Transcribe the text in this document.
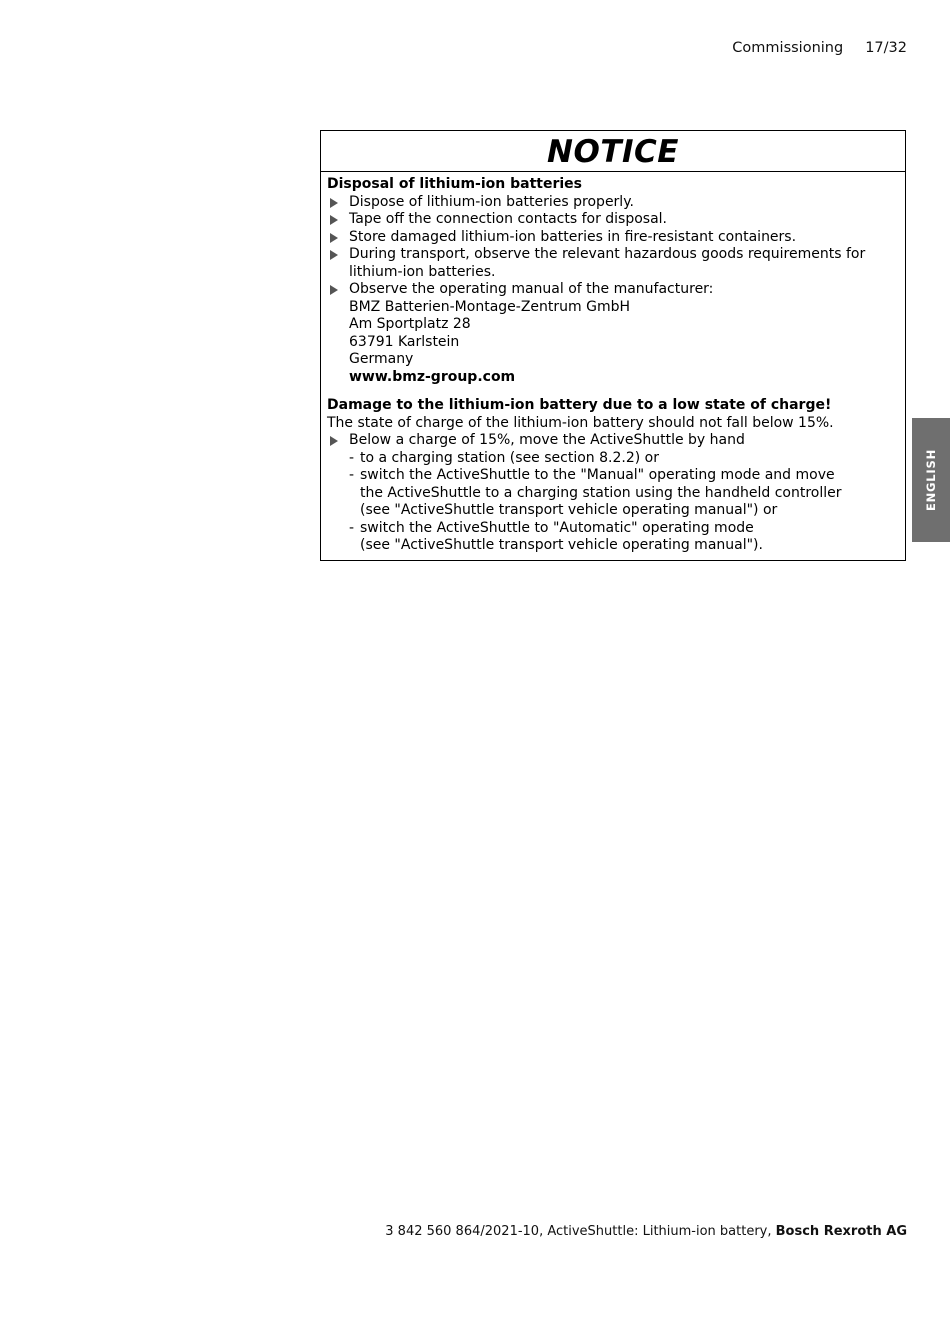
Commissioning 17/32
NOTICE
Disposal of lithium-ion batteries
Dispose of lithium-ion batteries properly.
Tape off the connection contacts for disposal.
Store damaged lithium-ion batteries in fire-resistant containers.
During transport, observe the relevant hazardous goods requirements for
lithium-ion batteries.
Observe the operating manual of the manufacturer:
BMZ Batterien-Montage-Zentrum GmbH
Am Sportplatz 28
63791 Karlstein
Germany
www.bmz-group.com
Damage to the lithium-ion battery due to a low state of charge!
The state of charge of the lithium-ion battery should not fall below 15%.
Below a charge of 15%, move the ActiveShuttle by hand
- to a charging station (see section 8.2.2) or
- switch the ActiveShuttle to the "Manual" operating mode and move
the ActiveShuttle to a charging station using the handheld controller
(see "ActiveShuttle transport vehicle operating manual") or
- switch the ActiveShuttle to "Automatic" operating mode
(see "ActiveShuttle transport vehicle operating manual").
ENGLISH
3 842 560 864/2021-10, ActiveShuttle: Lithium-ion battery, Bosch Rexroth AG
